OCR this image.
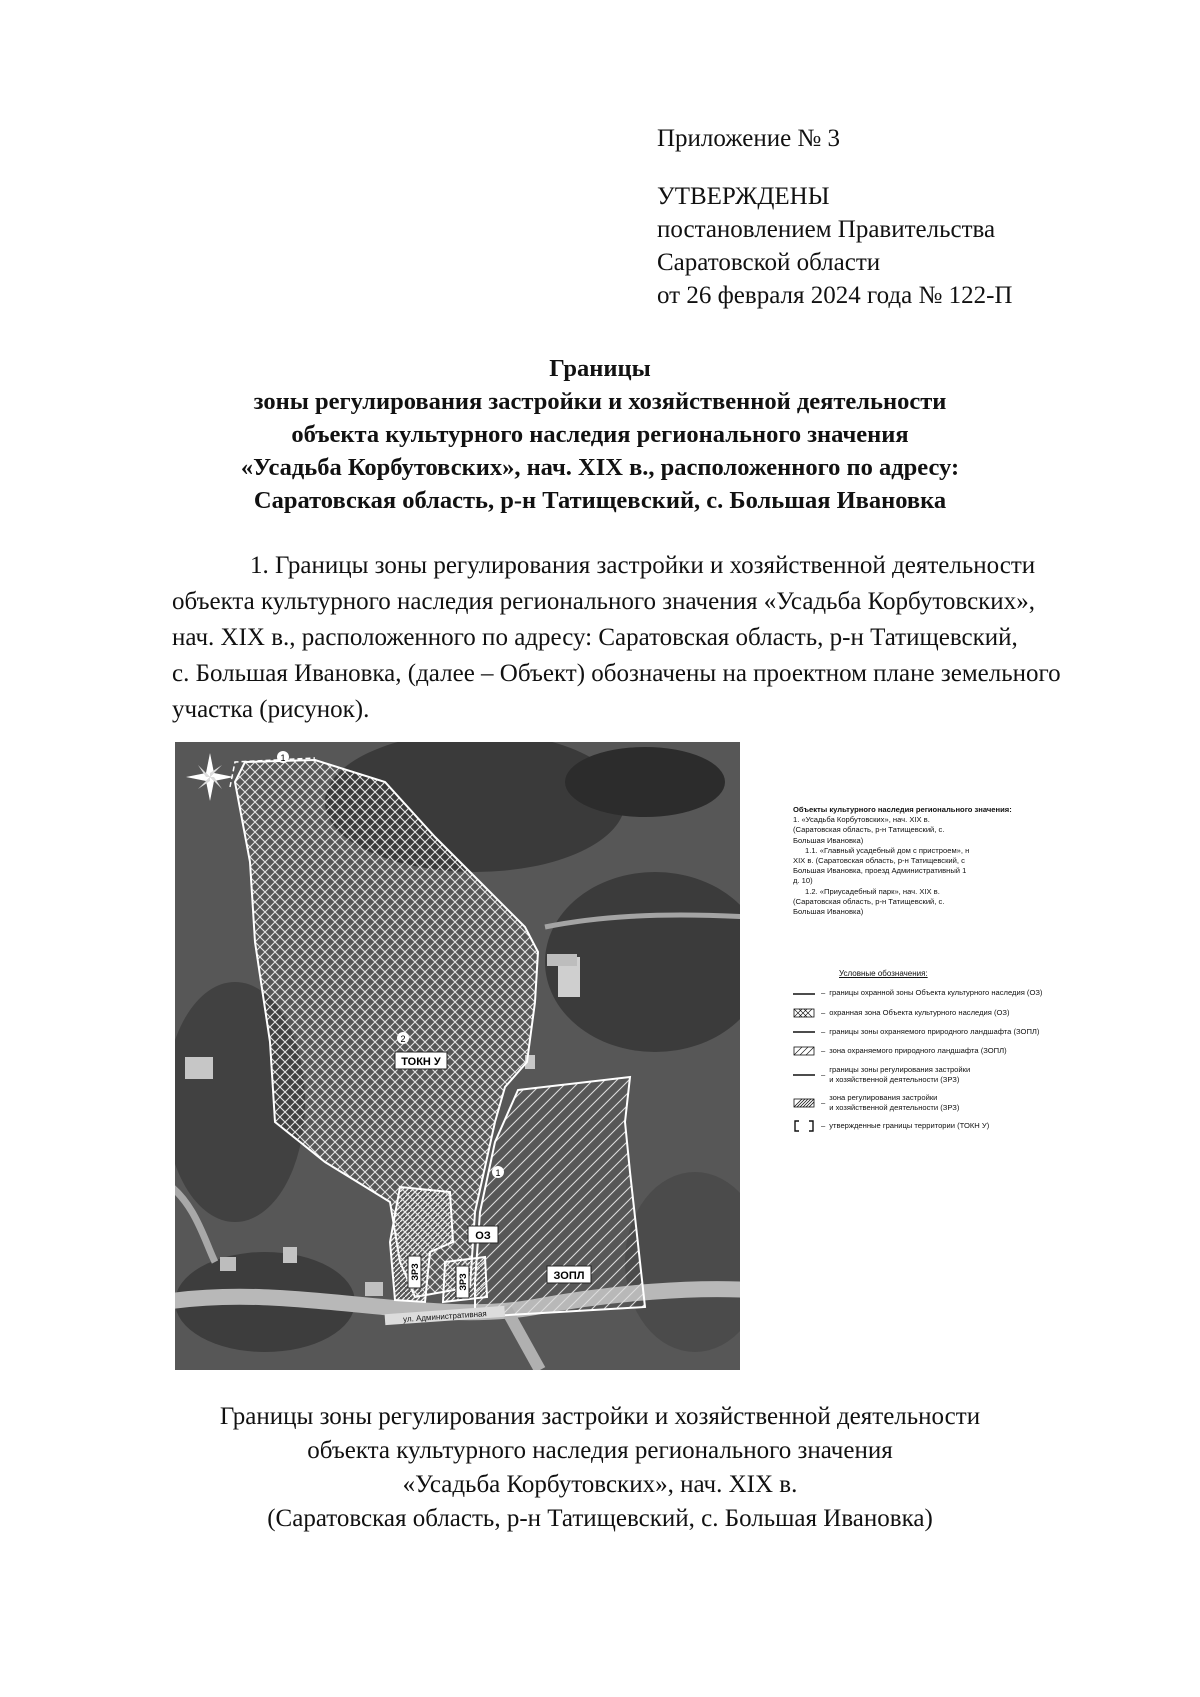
Приложение № 3
УТВЕРЖДЕНЫ
постановлением Правительства
Саратовской области
от 26 февраля 2024 года № 122-П
Границы
зоны регулирования застройки и хозяйственной деятельности
объекта культурного наследия регионального значения
«Усадьба Корбутовских», нач. XIX в., расположенного по адресу:
Саратовская область, р-н Татищевский, с. Большая Ивановка
1. Границы зоны регулирования застройки и хозяйственной деятельности
объекта культурного наследия регионального значения «Усадьба Корбутовских»,
нач. XIX в., расположенного по адресу: Саратовская область, р-н Татищевский,
с. Большая Ивановка, (далее – Объект) обозначены на проектном плане земельного
участка (рисунок).
1
2
1
ТОКН У
ОЗ
ЗОПЛ
ЗРЗ
ЗРЗ
ул. Административная
Объекты культурного наследия регионального значения:
1. «Усадьба Корбутовских», нач. XIX в.
(Саратовская область, р-н Татищевский, с.
Большая Ивановка)
1.1. «Главный усадебный дом с пристроем», н
XIX в. (Саратовская область, р-н Татищевский, с
Большая Ивановка, проезд Административный 1
д. 10)
1.2. «Приусадебный парк», нач. XIX в.
(Саратовская область, р-н Татищевский, с.
Большая Ивановка)
Условные обозначения:
– границы охранной зоны Объекта культурного наследия (ОЗ)
– охранная зона Объекта культурного наследия (ОЗ)
– границы зоны охраняемого природного ландшафта (ЗОПЛ)
– зона охраняемого природного ландшафта (ЗОПЛ)
– границы зоны регулирования застройки
и хозяйственной деятельности (ЗРЗ)
– зона регулирования застройки
и хозяйственной деятельности (ЗРЗ)
– утвержденные границы территории (ТОКН У)
Границы зоны регулирования застройки и хозяйственной деятельности
объекта культурного наследия регионального значения
«Усадьба Корбутовских», нач. XIX в.
(Саратовская область, р-н Татищевский, с. Большая Ивановка)
